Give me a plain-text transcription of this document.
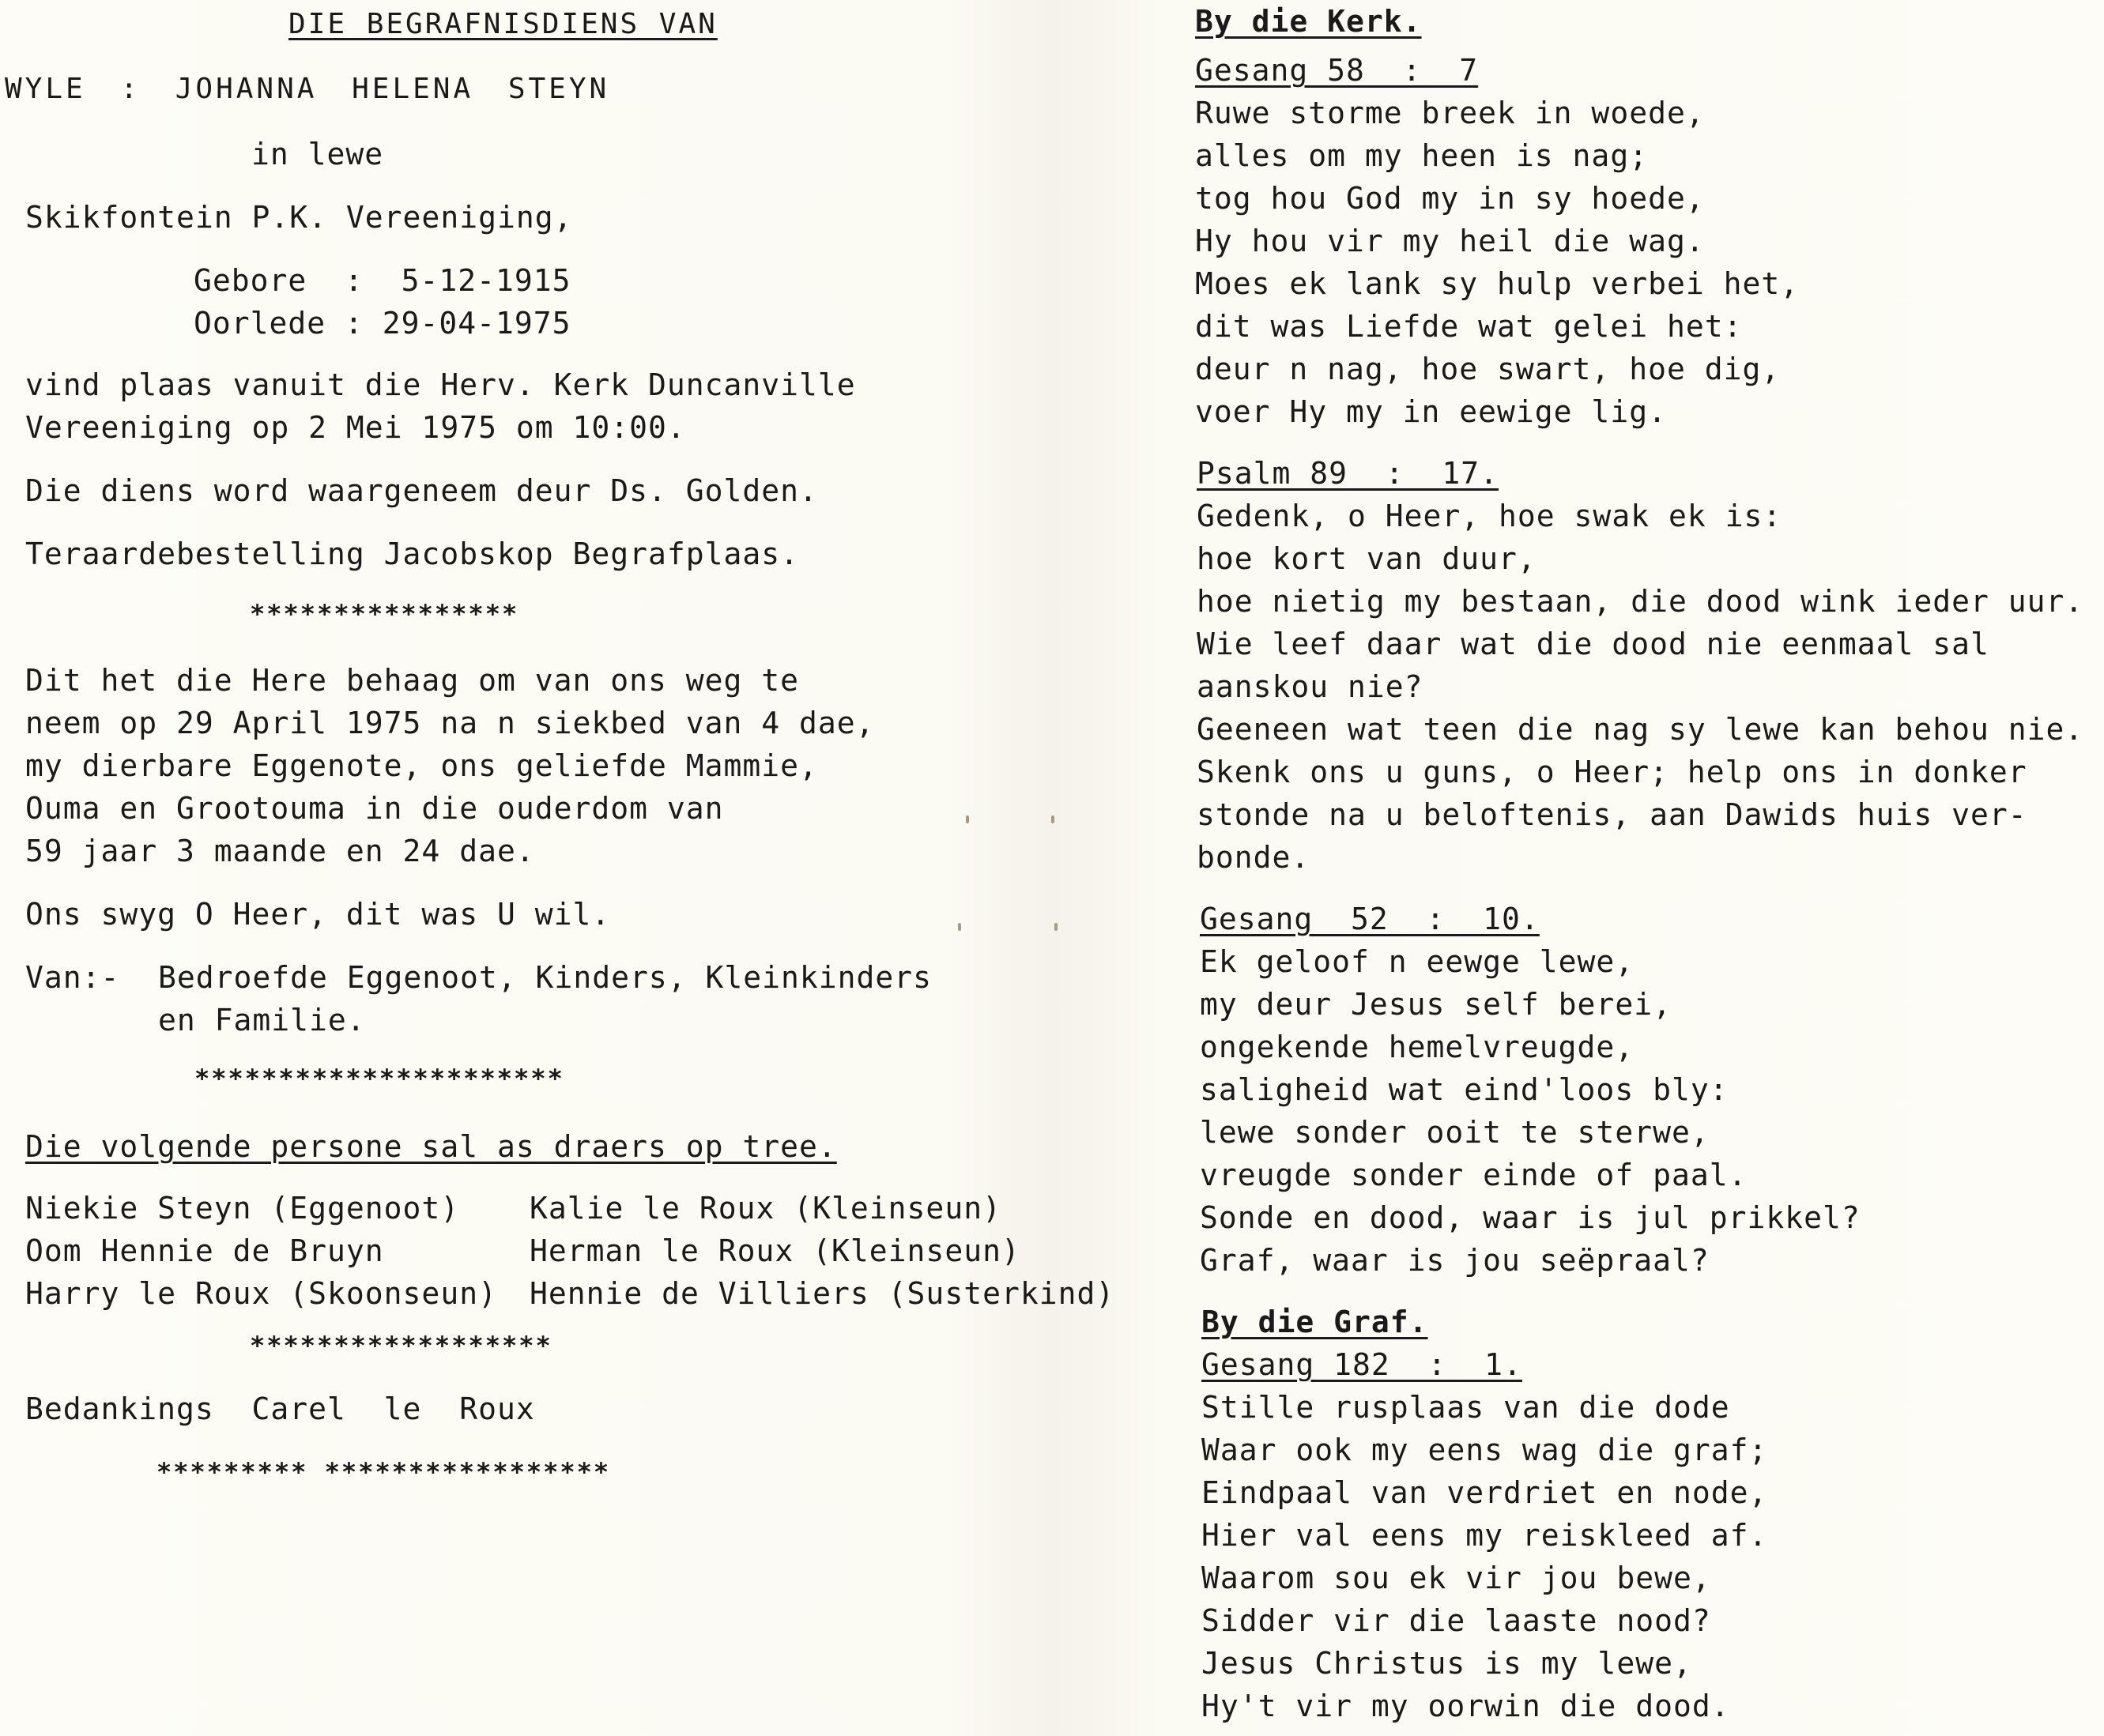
DIE BEGRAFNISDIENS VAN
WYLE : JOHANNA HELENA STEYN
in lewe
Skikfontein P.K. Vereeniging,
Gebore  :  5-12-1915
Oorlede : 29-04-1975
vind plaas vanuit die Herv. Kerk Duncanville
Vereeniging op 2 Mei 1975 om 10:00.
Die diens word waargeneem deur Ds. Golden.
Teraardebestelling Jacobskop Begrafplaas.
****************
Dit het die Here behaag om van ons weg te
neem op 29 April 1975 na n siekbed van 4 dae,
my dierbare Eggenote, ons geliefde Mammie,
Ouma en Grootouma in die ouderdom van
59 jaar 3 maande en 24 dae.
Ons swyg O Heer, dit was U wil.
Van:- Bedroefde Eggenoot, Kinders, Kleinkinders
en Familie.
**********************
Die volgende persone sal as draers op tree.
Niekie Steyn (Eggenoot)
Oom Hennie de Bruyn
Harry le Roux (Skoonseun)
Kalie le Roux (Kleinseun)
Herman le Roux (Kleinseun)
Hennie de Villiers (Susterkind)
******************
Bedankings  Carel  le  Roux
********* *****************
By die Kerk.
Gesang 58  :  7
Ruwe storme breek in woede,
alles om my heen is nag;
tog hou God my in sy hoede,
Hy hou vir my heil die wag.
Moes ek lank sy hulp verbei het,
dit was Liefde wat gelei het:
deur n nag, hoe swart, hoe dig,
voer Hy my in eewige lig.
Psalm 89  :  17.
Gedenk, o Heer, hoe swak ek is:
hoe kort van duur,
hoe nietig my bestaan, die dood wink ieder uur.
Wie leef daar wat die dood nie eenmaal sal
aanskou nie?
Geeneen wat teen die nag sy lewe kan behou nie.
Skenk ons u guns, o Heer; help ons in donker
stonde na u beloftenis, aan Dawids huis ver-
bonde.
Gesang  52  :  10.
Ek geloof n eewge lewe,
my deur Jesus self berei,
ongekende hemelvreugde,
saligheid wat eind'loos bly:
lewe sonder ooit te sterwe,
vreugde sonder einde of paal.
Sonde en dood, waar is jul prikkel?
Graf, waar is jou seëpraal?
By die Graf.
Gesang 182  :  1.
Stille rusplaas van die dode
Waar ook my eens wag die graf;
Eindpaal van verdriet en node,
Hier val eens my reiskleed af.
Waarom sou ek vir jou bewe,
Sidder vir die laaste nood?
Jesus Christus is my lewe,
Hy't vir my oorwin die dood.
